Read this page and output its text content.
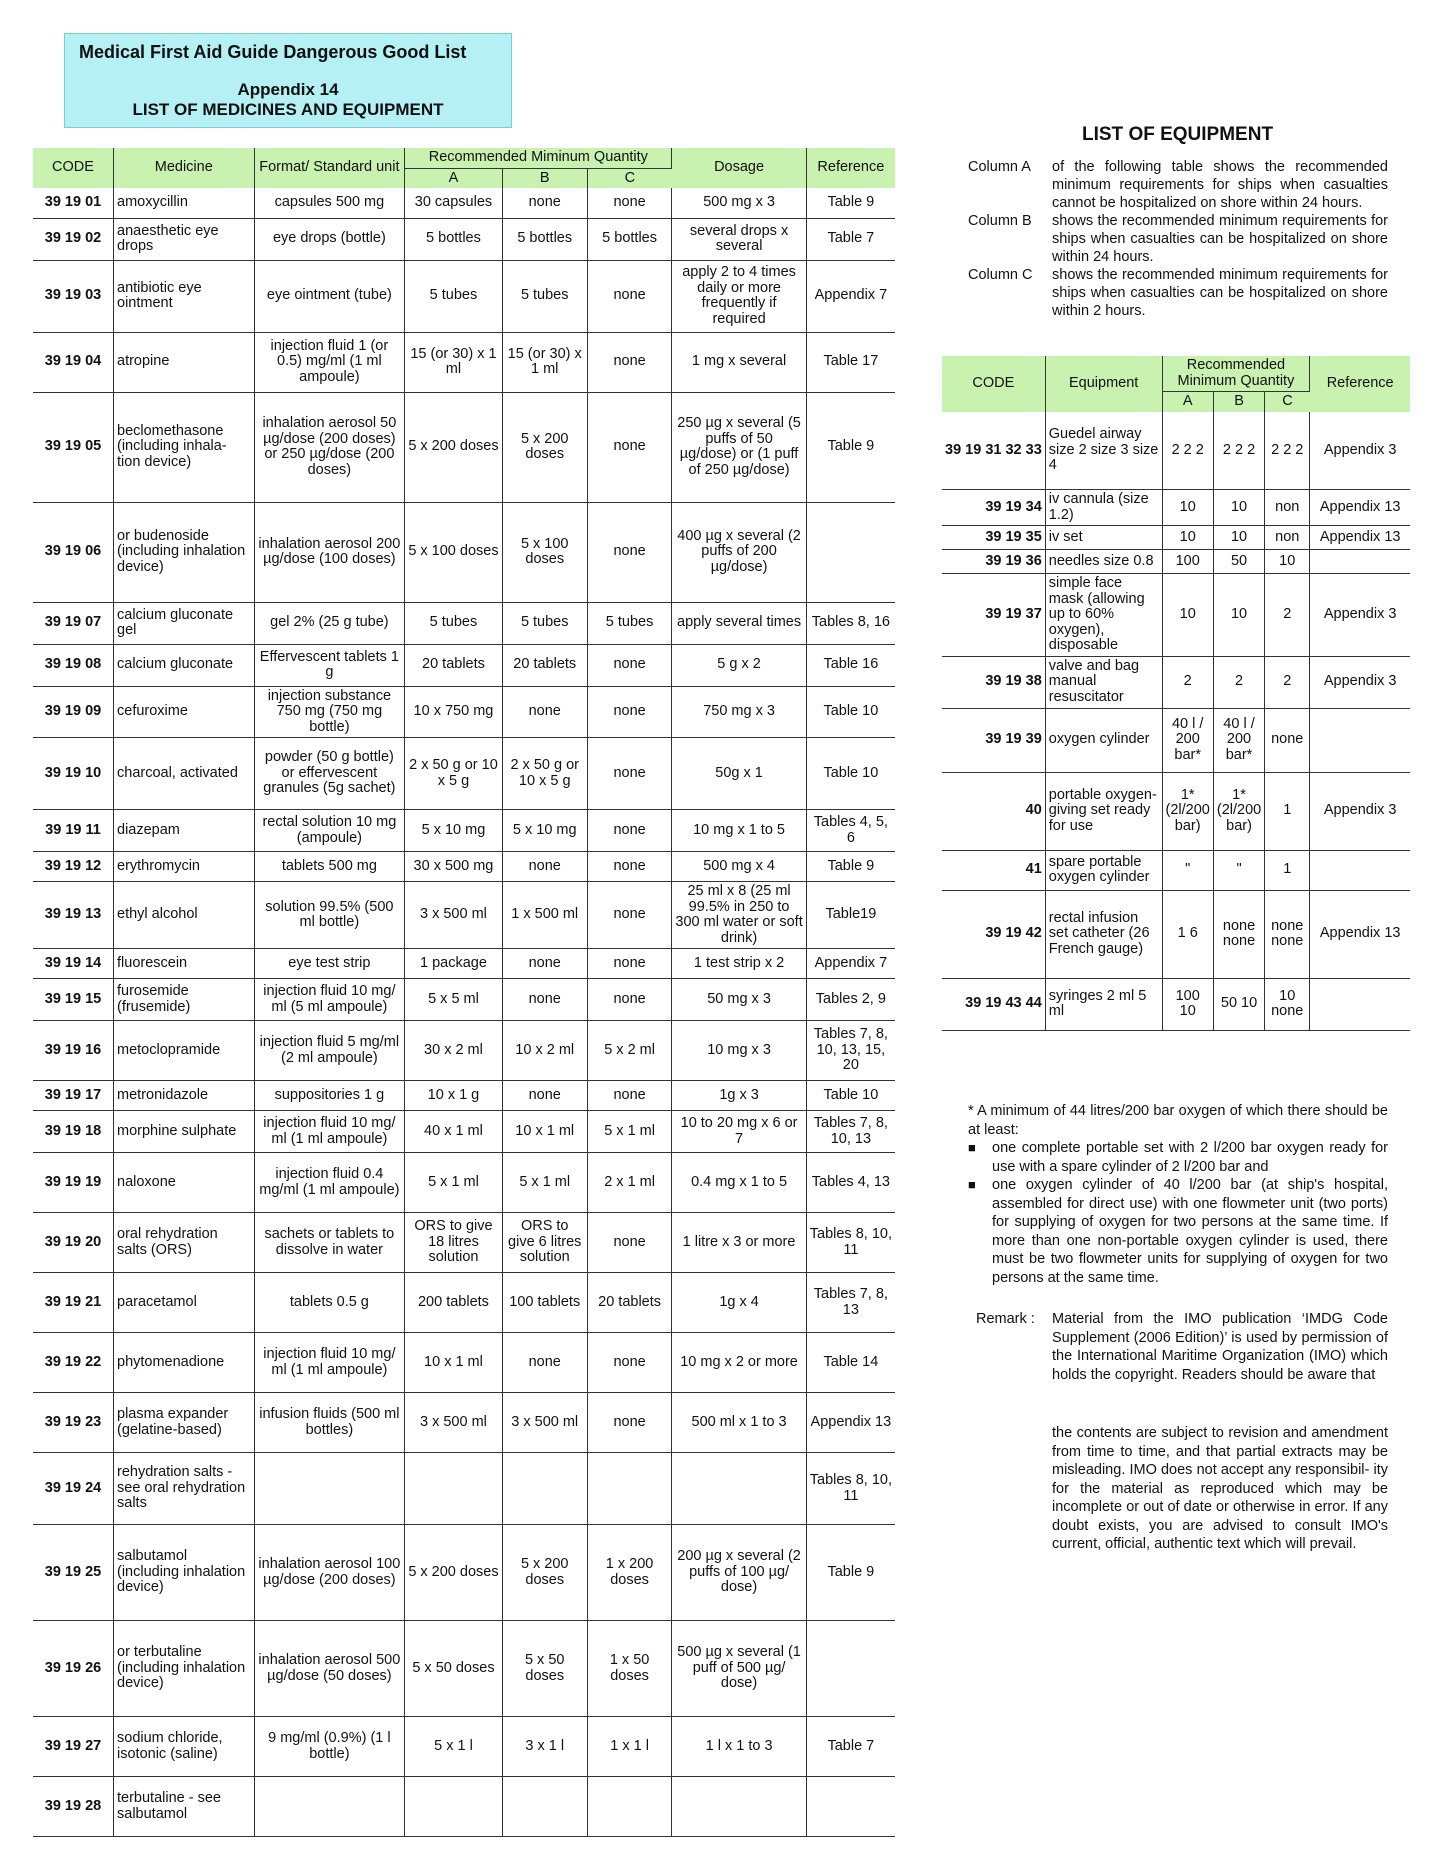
Medical First Aid Guide Dangerous Good List
Appendix 14
LIST OF MEDICINES AND EQUIPMENT
CODE	Medicine	Format/ Standard unit	Recommended Miminum Quantity			Dosage	Reference
			A	B	C		
39 19 01	amoxycillin	capsules 500 mg	30 capsules	none	none	500 mg x 3	Table 9
39 19 02	anaesthetic eye drops	eye drops (bottle)	5 bottles	5 bottles	5 bottles	several drops x several	Table 7
39 19 03	antibiotic eye ointment	eye ointment (tube)	5 tubes	5 tubes	none	apply 2 to 4 times daily or more frequently if required	Appendix 7
39 19 04	atropine	injection fluid 1 (or 0.5) mg/ml (1 ml ampoule)	15 (or 30) x 1 ml	15 (or 30) x 1 ml	none	1 mg x several	Table 17
39 19 05	beclomethasone (including inhala- tion device)	inhalation aerosol 50 µg/dose (200 doses) or 250 µg/dose (200 doses)	5 x 200 doses	5 x 200 doses	none	250 µg x several (5 puffs of 50 µg/dose) or (1 puff of 250 µg/dose)	Table 9
39 19 06	or budenoside (including inhalation device)	inhalation aerosol 200 µg/dose (100 doses)	5 x 100 doses	5 x 100 doses	none	400 µg x several (2 puffs of 200 µg/dose)	
39 19 07	calcium gluconate gel	gel 2% (25 g tube)	5 tubes	5 tubes	5 tubes	apply several times	Tables 8, 16
39 19 08	calcium gluconate	Effervescent tablets 1 g	20 tablets	20 tablets	none	5 g x 2	Table 16
39 19 09	cefuroxime	injection substance 750 mg (750 mg bottle)	10 x 750 mg	none	none	750 mg x 3	Table 10
39 19 10	charcoal, activated	powder (50 g bottle) or effervescent granules (5g sachet)	2 x 50 g or 10 x 5 g	2 x 50 g or 10 x 5 g	none	50g x 1	Table 10
39 19 11	diazepam	rectal solution 10 mg (ampoule)	5 x 10 mg	5 x 10 mg	none	10 mg x 1 to 5	Tables 4, 5, 6
39 19 12	erythromycin	tablets 500 mg	30 x 500 mg	none	none	500 mg x 4	Table 9
39 19 13	ethyl alcohol	solution 99.5% (500 ml bottle)	3 x 500 ml	1 x 500 ml	none	25 ml x 8 (25 ml 99.5% in 250 to 300 ml water or soft drink)	Table19
39 19 14	fluorescein	eye test strip	1 package	none	none	1 test strip x 2	Appendix 7
39 19 15	furosemide (frusemide)	injection fluid 10 mg/ ml (5 ml ampoule)	5 x 5 ml	none	none	50 mg x 3	Tables 2, 9
39 19 16	metoclopramide	injection fluid 5 mg/ml (2 ml ampoule)	30 x 2 ml	10 x 2 ml	5 x 2 ml	10 mg x 3	Tables 7, 8, 10, 13, 15, 20
39 19 17	metronidazole	suppositories 1 g	10 x 1 g	none	none	1g x 3	Table 10
39 19 18	morphine sulphate	injection fluid 10 mg/ ml (1 ml ampoule)	40 x 1 ml	10 x 1 ml	5 x 1 ml	10 to 20 mg x 6 or 7	Tables 7, 8, 10, 13
39 19 19	naloxone	injection fluid 0.4 mg/ml (1 ml ampoule)	5 x 1 ml	5 x 1 ml	2 x 1 ml	0.4 mg x 1 to 5	Tables 4, 13
39 19 20	oral rehydration salts (ORS)	sachets or tablets to dissolve in water	ORS to give 18 litres solution	ORS to give 6 litres solution	none	1 litre x 3 or more	Tables 8, 10, 11
39 19 21	paracetamol	tablets 0.5 g	200 tablets	100 tablets	20 tablets	1g x 4	Tables 7, 8, 13
39 19 22	phytomenadione	injection fluid 10 mg/ ml (1 ml ampoule)	10 x 1 ml	none	none	10 mg x 2 or more	Table 14
39 19 23	plasma expander (gelatine-based)	infusion fluids (500 ml bottles)	3 x 500 ml	3 x 500 ml	none	500 ml x 1 to 3	Appendix 13
39 19 24	rehydration salts - see oral rehydration salts						Tables 8, 10, 11
39 19 25	salbutamol (including inhalation device)	inhalation aerosol 100 µg/dose (200 doses)	5 x 200 doses	5 x 200 doses	1 x 200 doses	200 µg x several (2 puffs of 100 µg/ dose)	Table 9
39 19 26	or terbutaline (including inhalation device)	inhalation aerosol 500 µg/dose (50 doses)	5 x 50 doses	5 x 50 doses	1 x 50 doses	500 µg x several (1 puff of 500 µg/ dose)	
39 19 27	sodium chloride, isotonic (saline)	9 mg/ml (0.9%) (1 l bottle)	5 x 1 l	3 x 1 l	1 x 1 l	1 l x 1 to 3	Table 7
39 19 28	terbutaline - see salbutamol						
LIST OF EQUIPMENT
Column A	of the following table shows the recommended minimum requirements for ships when casualties cannot be hospitalized on shore within 24 hours.
Column B	shows the recommended minimum requirements for ships when casualties can be hospitalized on shore within 24 hours.
Column C	shows the recommended minimum requirements for ships when casualties can be hospitalized on shore within 2 hours.
CODE	Equipment	Recommended Minimum Quantity			Reference
		A	B	C	
39 19 31 32 33	Guedel airway size 2 size 3 size 4	2 2 2	2 2 2	2 2 2	Appendix 3
39 19 34	iv cannula (size 1.2)	10	10	non	Appendix 13
39 19 35	iv set	10	10	non	Appendix 13
39 19 36	needles size 0.8	100	50	10	
39 19 37	simple face mask (allowing up to 60% oxygen), disposable	10	10	2	Appendix 3
39 19 38	valve and bag manual resuscitator	2	2	2	Appendix 3
39 19 39	oxygen cylinder	40 l / 200 bar*	40 l / 200 bar*	none	
40	portable oxygen- giving set ready for use	1* (2l/200 bar)	1* (2l/200 bar)	1	Appendix 3
41	spare portable oxygen cylinder	"	"	1	
39 19 42	rectal infusion set catheter (26 French gauge)	1 6	none none	none none	Appendix 13
39 19 43 44	syringes 2 ml 5 ml	100 10	50 10	10 none	

* A minimum of 44 litres/200 bar oxygen of which there should be at least:

■	one complete portable set with 2 l/200 bar oxygen ready for use with a spare cylinder of 2 l/200 bar and

■	one oxygen cylinder of 40 l/200 bar (at ship's hospital, assembled for direct use) with one flowmeter unit (two ports) for supplying of oxygen for two persons at the same time. If more than one non-portable oxygen cylinder is used, there must be two flowmeter units for supplying of oxygen for two persons at the same time.

Remark :	Material from the IMO publication ‘IMDG Code Supplement (2006 Edition)’ is used by permission of the International Maritime Organization (IMO) which holds the copyright. Readers should be aware that
the contents are subject to revision and amendment from time to time, and that partial extracts may be misleading. IMO does not accept any responsibil- ity for the material as reproduced which may be incomplete or out of date or otherwise in error. If any doubt exists, you are advised to consult IMO's current, official, authentic text which will prevail.
